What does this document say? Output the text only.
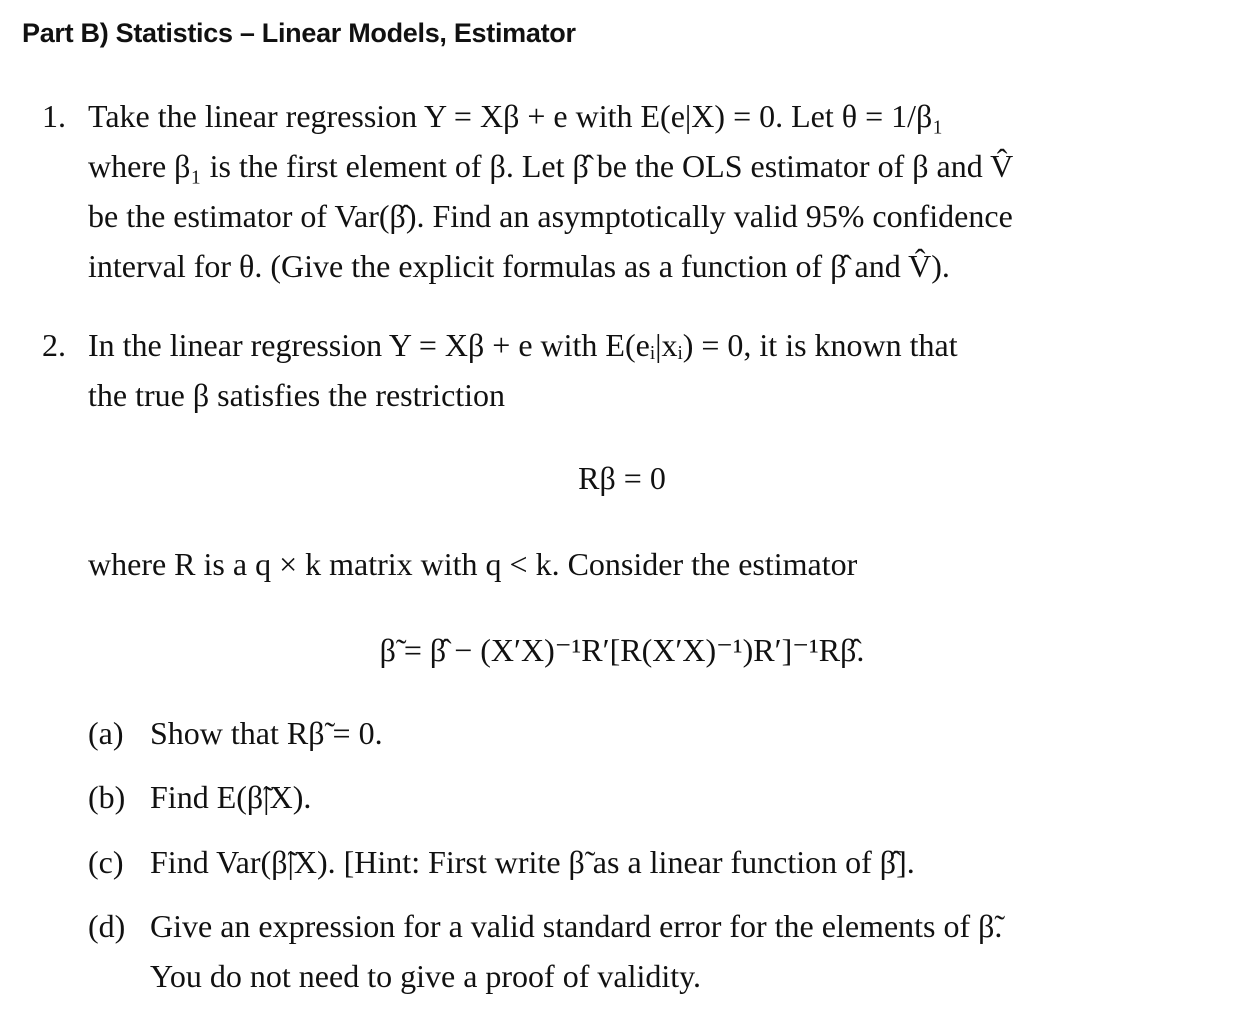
Part B) Statistics – Linear Models, Estimator
1. Take the linear regression Y = Xβ + e with E(e|X) = 0. Let θ = 1/β₁
where β₁ is the first element of β. Let β̂ be the OLS estimator of β and V̂
be the estimator of Var(β̂). Find an asymptotically valid 95% confidence
interval for θ. (Give the explicit formulas as a function of β̂ and V̂).
2. In the linear regression Y = Xβ + e with E(eᵢ|xᵢ) = 0, it is known that
the true β satisfies the restriction
Rβ = 0
where R is a q × k matrix with q < k. Consider the estimator
β̃ = β̂ − (X′X)⁻¹R′[R(X′X)⁻¹)R′]⁻¹Rβ̂.
(a) Show that Rβ̃ = 0.
(b) Find E(β̃|X).
(c) Find Var(β̃|X). [Hint: First write β̃ as a linear function of β̂].
(d) Give an expression for a valid standard error for the elements of β̃.
You do not need to give a proof of validity.
